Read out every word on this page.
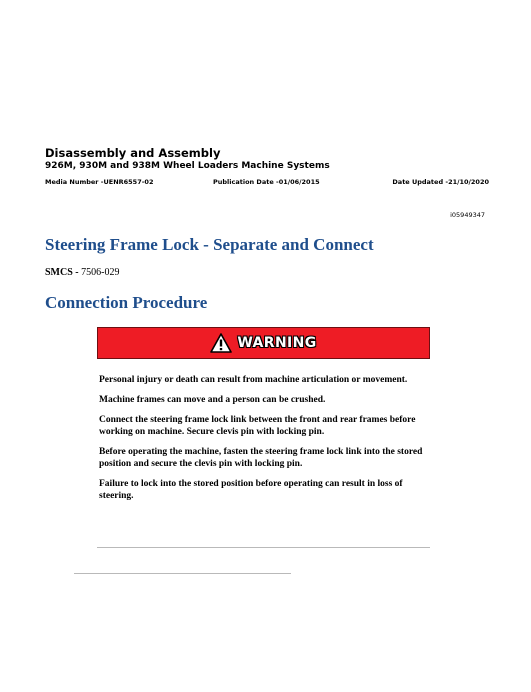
Disassembly and Assembly

926M, 930M and 938M Wheel Loaders Machine Systems

Media Number -UENR6557-02	Publication Date -01/06/2015	Date Updated -21/10/2020
i05949347
Steering Frame Lock - Separate and Connect
SMCS - 7506-029
Connection Procedure
WARNING

Personal injury or death can result from machine articulation or movement.

Machine frames can move and a person can be crushed.

Connect the steering frame lock link between the front and rear frames before working on machine. Secure clevis pin with locking pin.

Before operating the machine, fasten the steering frame lock link into the stored position and secure the clevis pin with locking pin.

Failure to lock into the stored position before operating can result in loss of steering.
